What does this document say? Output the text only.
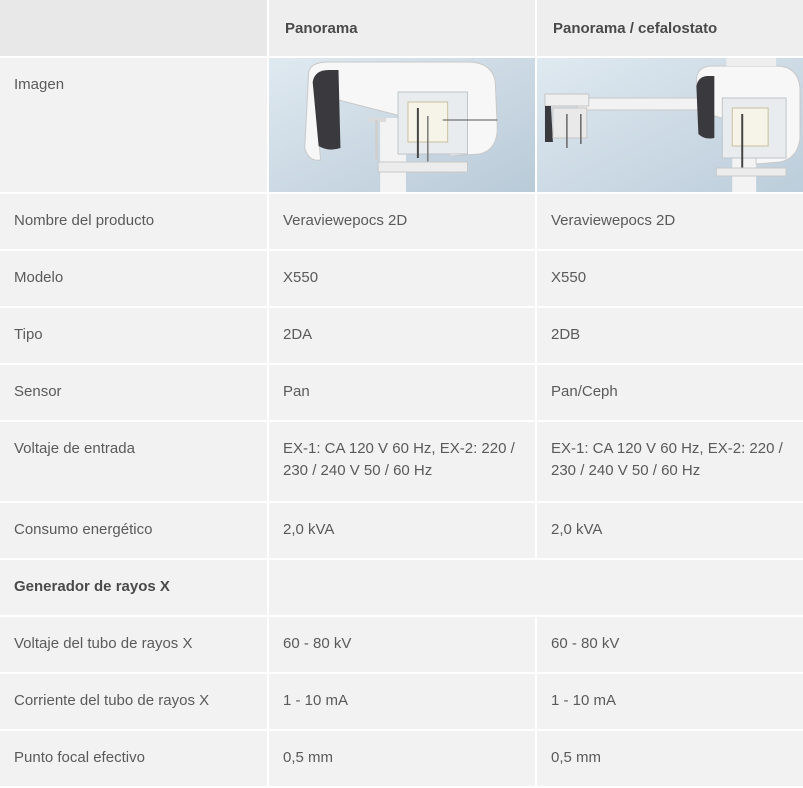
	Panorama	Panorama / cefalostato
Imagen	

Nombre del producto	Veraviewepocs 2D	Veraviewepocs 2D
Modelo	X550	X550
Tipo	2DA	2DB
Sensor	Pan	Pan/Ceph
Voltaje de entrada	EX-1: CA 120 V 60 Hz, EX-2: 220 / 230 / 240 V 50 / 60 Hz	EX-1: CA 120 V 60 Hz, EX-2: 220 / 230 / 240 V 50 / 60 Hz
Consumo energético	2,0 kVA	2,0 kVA
Generador de rayos X		
Voltaje del tubo de rayos X	60 - 80 kV	60 - 80 kV
Corriente del tubo de rayos X	1 - 10 mA	1 - 10 mA
Punto focal efectivo	0,5 mm	0,5 mm
